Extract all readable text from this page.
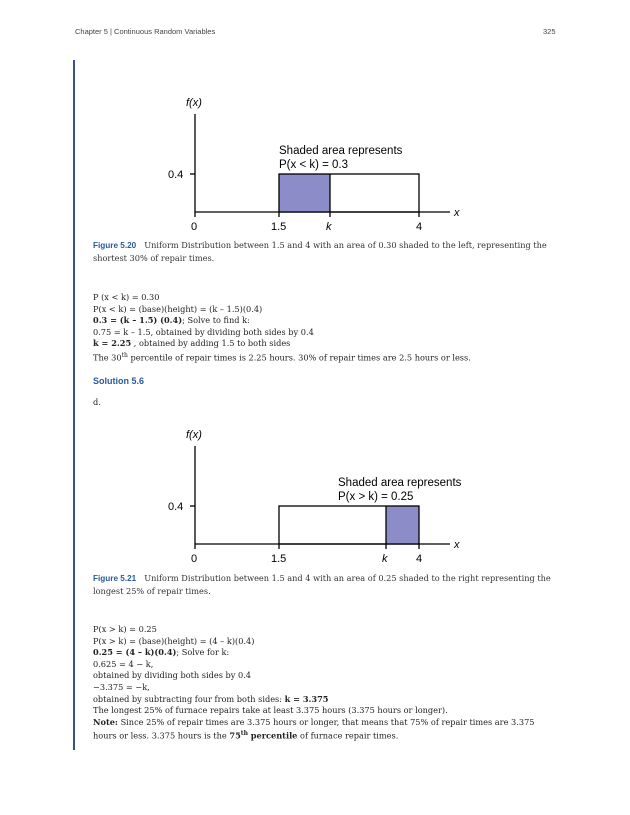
Chapter 5 | Continuous Random Variables	325
f(x)
0.4
0	1.5	k	4
x
Shaded area represents
P(x < k) = 0.3
Figure 5.20 Uniform Distribution between 1.5 and 4 with an area of 0.30 shaded to the left, representing the shortest 30% of repair times.
P (x < k) = 0.30
P(x < k) = (base)(height) = (k – 1.5)(0.4)
0.3 = (k – 1.5) (0.4); Solve to find k:
0.75 = k – 1.5, obtained by dividing both sides by 0.4
k = 2.25 , obtained by adding 1.5 to both sides
The 30th percentile of repair times is 2.25 hours. 30% of repair times are 2.5 hours or less.
Solution 5.6
d.
f(x)
0.4
0	1.5	k	4
x
Shaded area represents
P(x > k) = 0.25
Figure 5.21 Uniform Distribution between 1.5 and 4 with an area of 0.25 shaded to the right representing the longest 25% of repair times.
P(x > k) = 0.25
P(x > k) = (base)(height) = (4 – k)(0.4)
0.25 = (4 – k)(0.4); Solve for k:
0.625 = 4 − k,
obtained by dividing both sides by 0.4
−3.375 = −k,
obtained by subtracting four from both sides: k = 3.375
The longest 25% of furnace repairs take at least 3.375 hours (3.375 hours or longer).
Note: Since 25% of repair times are 3.375 hours or longer, that means that 75% of repair times are 3.375 hours or less. 3.375 hours is the 75th percentile of furnace repair times.
